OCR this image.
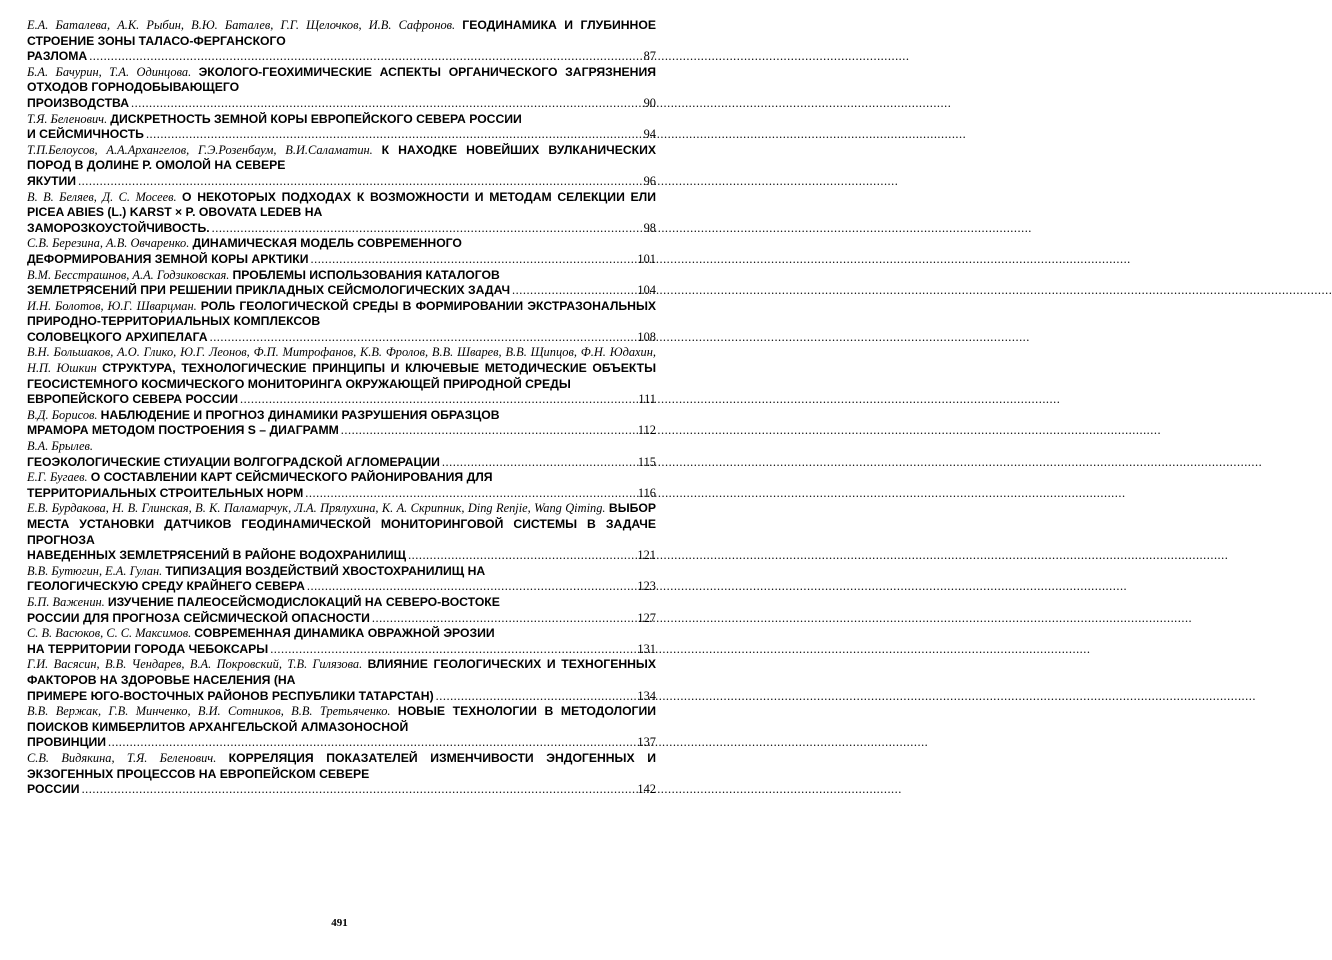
Е.А. Баталева, А.К. Рыбин, В.Ю. Баталев, Г.Г. Щелочков, И.В. Сафронов. ГЕОДИНАМИКА И ГЛУБИННОЕ СТРОЕНИЕ ЗОНЫ ТАЛАСО-ФЕРГАНСКОГО
РАЗЛОМА .....	87
Б.А. Бачурин, Т.А. Одинцова. ЭКОЛОГО-ГЕОХИМИЧЕСКИЕ АСПЕКТЫ ОРГАНИЧЕСКОГО ЗАГРЯЗНЕНИЯ ОТХОДОВ ГОРНОДОБЫВАЮЩЕГО
ПРОИЗВОДСТВА .....	90
Т.Я. Беленович. ДИСКРЕТНОСТЬ ЗЕМНОЙ КОРЫ ЕВРОПЕЙСКОГО СЕВЕРА РОССИИ
И СЕЙСМИЧНОСТЬ .....	94
Т.П.Белоусов, А.А.Архангелов, Г.Э.Розенбаум, В.И.Саламатин. К НАХОДКЕ НОВЕЙШИХ ВУЛКАНИЧЕСКИХ ПОРОД В ДОЛИНЕ Р. ОМОЛОЙ НА СЕВЕРЕ
ЯКУТИИ .....	96
В. В. Беляев, Д. С. Мосеев. О НЕКОТОРЫХ ПОДХОДАХ К ВОЗМОЖНОСТИ И МЕТОДАМ СЕЛЕКЦИИ ЕЛИ PICEA ABIES (L.) KARST × P. OBOVATA LEDEB НА
ЗАМОРОЗКОУСТОЙЧИВОСТЬ. .....	98
С.В. Березина, А.В. Овчаренко. ДИНАМИЧЕСКАЯ МОДЕЛЬ СОВРЕМЕННОГО
ДЕФОРМИРОВАНИЯ ЗЕМНОЙ КОРЫ АРКТИКИ .....	101
В.М. Бесстрашнов, А.А. Годзиковская. ПРОБЛЕМЫ ИСПОЛЬЗОВАНИЯ КАТАЛОГОВ
ЗЕМЛЕТРЯСЕНИЙ ПРИ РЕШЕНИИ ПРИКЛАДНЫХ СЕЙСМОЛОГИЧЕСКИХ ЗАДАЧ .....	104
И.Н. Болотов, Ю.Г. Шварцман. РОЛЬ ГЕОЛОГИЧЕСКОЙ СРЕДЫ В ФОРМИРОВАНИИ ЭКСТРАЗОНАЛЬНЫХ ПРИРОДНО-ТЕРРИТОРИАЛЬНЫХ КОМПЛЕКСОВ
СОЛОВЕЦКОГО АРХИПЕЛАГА .....	108
В.Н. Большаков, А.О. Глико, Ю.Г. Леонов, Ф.П. Митрофанов, К.В. Фролов, В.В. Шварев, В.В. Щипцов, Ф.Н. Юдахин, Н.П. Юшкин СТРУКТУРА, ТЕХНОЛОГИЧЕСКИЕ ПРИНЦИПЫ И КЛЮЧЕВЫЕ МЕТОДИЧЕСКИЕ ОБЪЕКТЫ ГЕОСИСТЕМНОГО КОСМИЧЕСКОГО МОНИТОРИНГА ОКРУЖАЮЩЕЙ ПРИРОДНОЙ СРЕДЫ
ЕВРОПЕЙСКОГО СЕВЕРА РОССИИ .....	111
В.Д. Борисов. НАБЛЮДЕНИЕ И ПРОГНОЗ ДИНАМИКИ РАЗРУШЕНИЯ ОБРАЗЦОВ
МРАМОРА МЕТОДОМ ПОСТРОЕНИЯ S – ДИАГРАММ .....	112
В.А. Брылев.
ГЕОЭКОЛОГИЧЕСКИЕ СТИУАЦИИ ВОЛГОГРАДСКОЙ АГЛОМЕРАЦИИ .....	115
Е.Г. Бугаев. О СОСТАВЛЕНИИ КАРТ СЕЙСМИЧЕСКОГО РАЙОНИРОВАНИЯ ДЛЯ
ТЕРРИТОРИАЛЬНЫХ СТРОИТЕЛЬНЫХ НОРМ .....	116
Е.В. Бурдакова, Н. В. Глинская, В. К. Паламарчук, Л.А. Прялухина, К. А. Скрипник, Ding Renjie, Wang Qiming. ВЫБОР МЕСТА УСТАНОВКИ ДАТЧИКОВ ГЕОДИНАМИЧЕСКОЙ МОНИТОРИНГОВОЙ СИСТЕМЫ В ЗАДАЧЕ ПРОГНОЗА
НАВЕДЕННЫХ ЗЕМЛЕТРЯСЕНИЙ В РАЙОНЕ ВОДОХРАНИЛИЩ .....	121
В.В. Бутюгин, Е.А. Гулан. ТИПИЗАЦИЯ ВОЗДЕЙСТВИЙ ХВОСТОХРАНИЛИЩ НА
ГЕОЛОГИЧЕСКУЮ СРЕДУ КРАЙНЕГО СЕВЕРА .....	123
Б.П. Важенин. ИЗУЧЕНИЕ ПАЛЕОСЕЙСМОДИСЛОКАЦИЙ НА СЕВЕРО-ВОСТОКЕ
РОССИИ ДЛЯ ПРОГНОЗА СЕЙСМИЧЕСКОЙ ОПАСНОСТИ .....	127
С. В. Васюков, С. С. Максимов. СОВРЕМЕННАЯ ДИНАМИКА ОВРАЖНОЙ ЭРОЗИИ
НА ТЕРРИТОРИИ ГОРОДА ЧЕБОКСАРЫ .....	131
Г.И. Васясин, В.В. Чендарев, В.А. Покровский, Т.В. Гилязова. ВЛИЯНИЕ ГЕОЛОГИЧЕСКИХ И ТЕХНОГЕННЫХ ФАКТОРОВ НА ЗДОРОВЬЕ НАСЕЛЕНИЯ (НА
ПРИМЕРЕ ЮГО-ВОСТОЧНЫХ РАЙОНОВ РЕСПУБЛИКИ ТАТАРСТАН) .....	134
В.В. Вержак, Г.В. Минченко, В.И. Сотников, В.В. Третьяченко. НОВЫЕ ТЕХНОЛОГИИ В МЕТОДОЛОГИИ ПОИСКОВ КИМБЕРЛИТОВ АРХАНГЕЛЬСКОЙ АЛМАЗОНОСНОЙ
ПРОВИНЦИИ .....	137
С.В. Видякина, Т.Я. Беленович. КОРРЕЛЯЦИЯ ПОКАЗАТЕЛЕЙ ИЗМЕНЧИВОСТИ ЭНДОГЕННЫХ И ЭКЗОГЕННЫХ ПРОЦЕССОВ НА ЕВРОПЕЙСКОМ СЕВЕРЕ
РОССИИ .....	142
491
